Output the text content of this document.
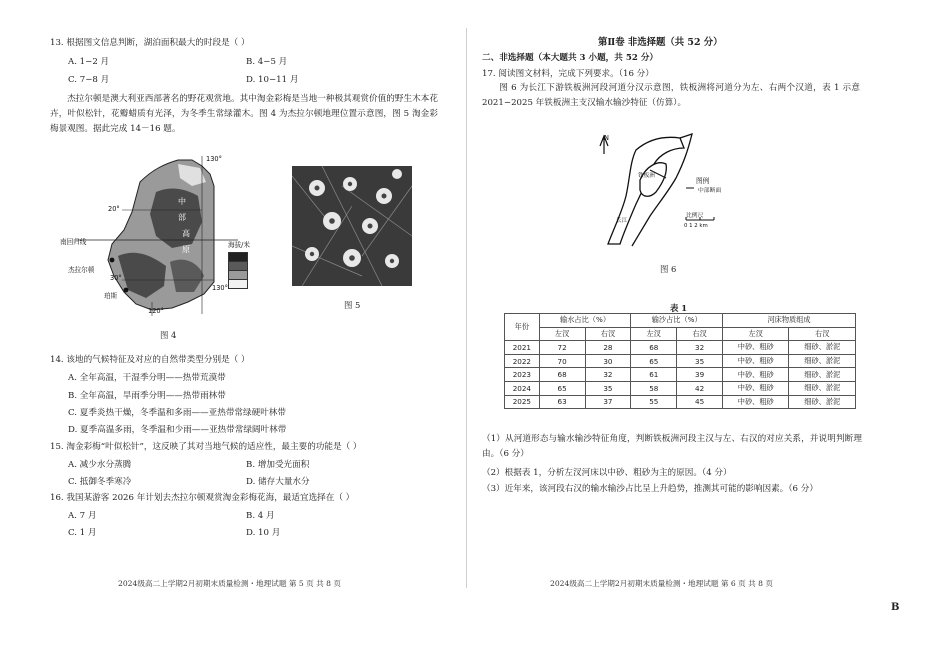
13. 根据图文信息判断，湖泊面积最大的时段是（ ）
A. 1−2 月	B. 4−5 月
C. 7−8 月	D. 10−11 月
杰拉尔顿是澳大利亚西部著名的野花观赏地。其中淘金彩梅是当地一种极其观赏价值的野生木本花卉，叶似松针，花瓣蜡质有光泽，为冬季生常绿灌木。图 4 为杰拉尔顿地理位置示意图，图 5 淘金彩梅景观图。据此完成 14－16 题。
130°
130°
120°
20°
30°
中
部
高
原
南回归线
杰拉尔顿
珀斯
海拔/米
图 4
图 5
14. 该地的气候特征及对应的自然带类型分别是（ ）
A. 全年高温，干湿季分明——热带荒漠带
B. 全年高温，旱雨季分明——热带雨林带
C. 夏季炎热干燥，冬季温和多雨——亚热带常绿硬叶林带
D. 夏季高温多雨，冬季温和少雨——亚热带常绿阔叶林带
15. 淘金彩梅“叶似松针”，这反映了其对当地气候的适应性，最主要的功能是（ ）
A. 减少水分蒸腾	B. 增加受光面积
C. 抵御冬季寒冷	D. 储存大量水分
16. 我国某游客 2026 年计划去杰拉尔顿观赏淘金彩梅花海，最适宜选择在（ ）
A. 7 月	B. 4 月
C. 1 月	D. 10 月
2024级高二上学期2月初期末质量检测・地理试题 第 5 页 共 8 页
第Ⅱ卷 非选择题（共 52 分）
二、非选择题（本大题共 3 小题，共 52 分）
17. 阅读图文材料，完成下列要求。（16 分）
图 6 为长江下游铁板洲河段河道分汉示意图，铁板洲将河道分为左、右两个汉道，表 1 示意 2021−2025 年铁板洲主支汉输水输沙特征（仿算）。
N
铁板洲
长江
图例
中部断面
比例尺
0 1 2 km
图 6
表 1
年份	输水占比（%）		输沙占比（%）		河床物质组成	
	左汊	右汊	左汊	右汊	左汊	右汊
2021	72	28	68	32	中砂、粗砂	细砂、淤泥
2022	70	30	65	35	中砂、粗砂	细砂、淤泥
2023	68	32	61	39	中砂、粗砂	细砂、淤泥
2024	65	35	58	42	中砂、粗砂	细砂、淤泥
2025	63	37	55	45	中砂、粗砂	细砂、淤泥
（1）从河道形态与输水输沙特征角度，判断铁板洲河段主汉与左、右汉的对应关系，并说明判断理由。（6 分）
（2）根据表 1，分析左汊河床以中砂、粗砂为主的原因。（4 分）
（3）近年来，该河段右汉的输水输沙占比呈上升趋势，推测其可能的影响因素。（6 分）
2024级高二上学期2月初期末质量检测・地理试题 第 6 页 共 8 页
B
